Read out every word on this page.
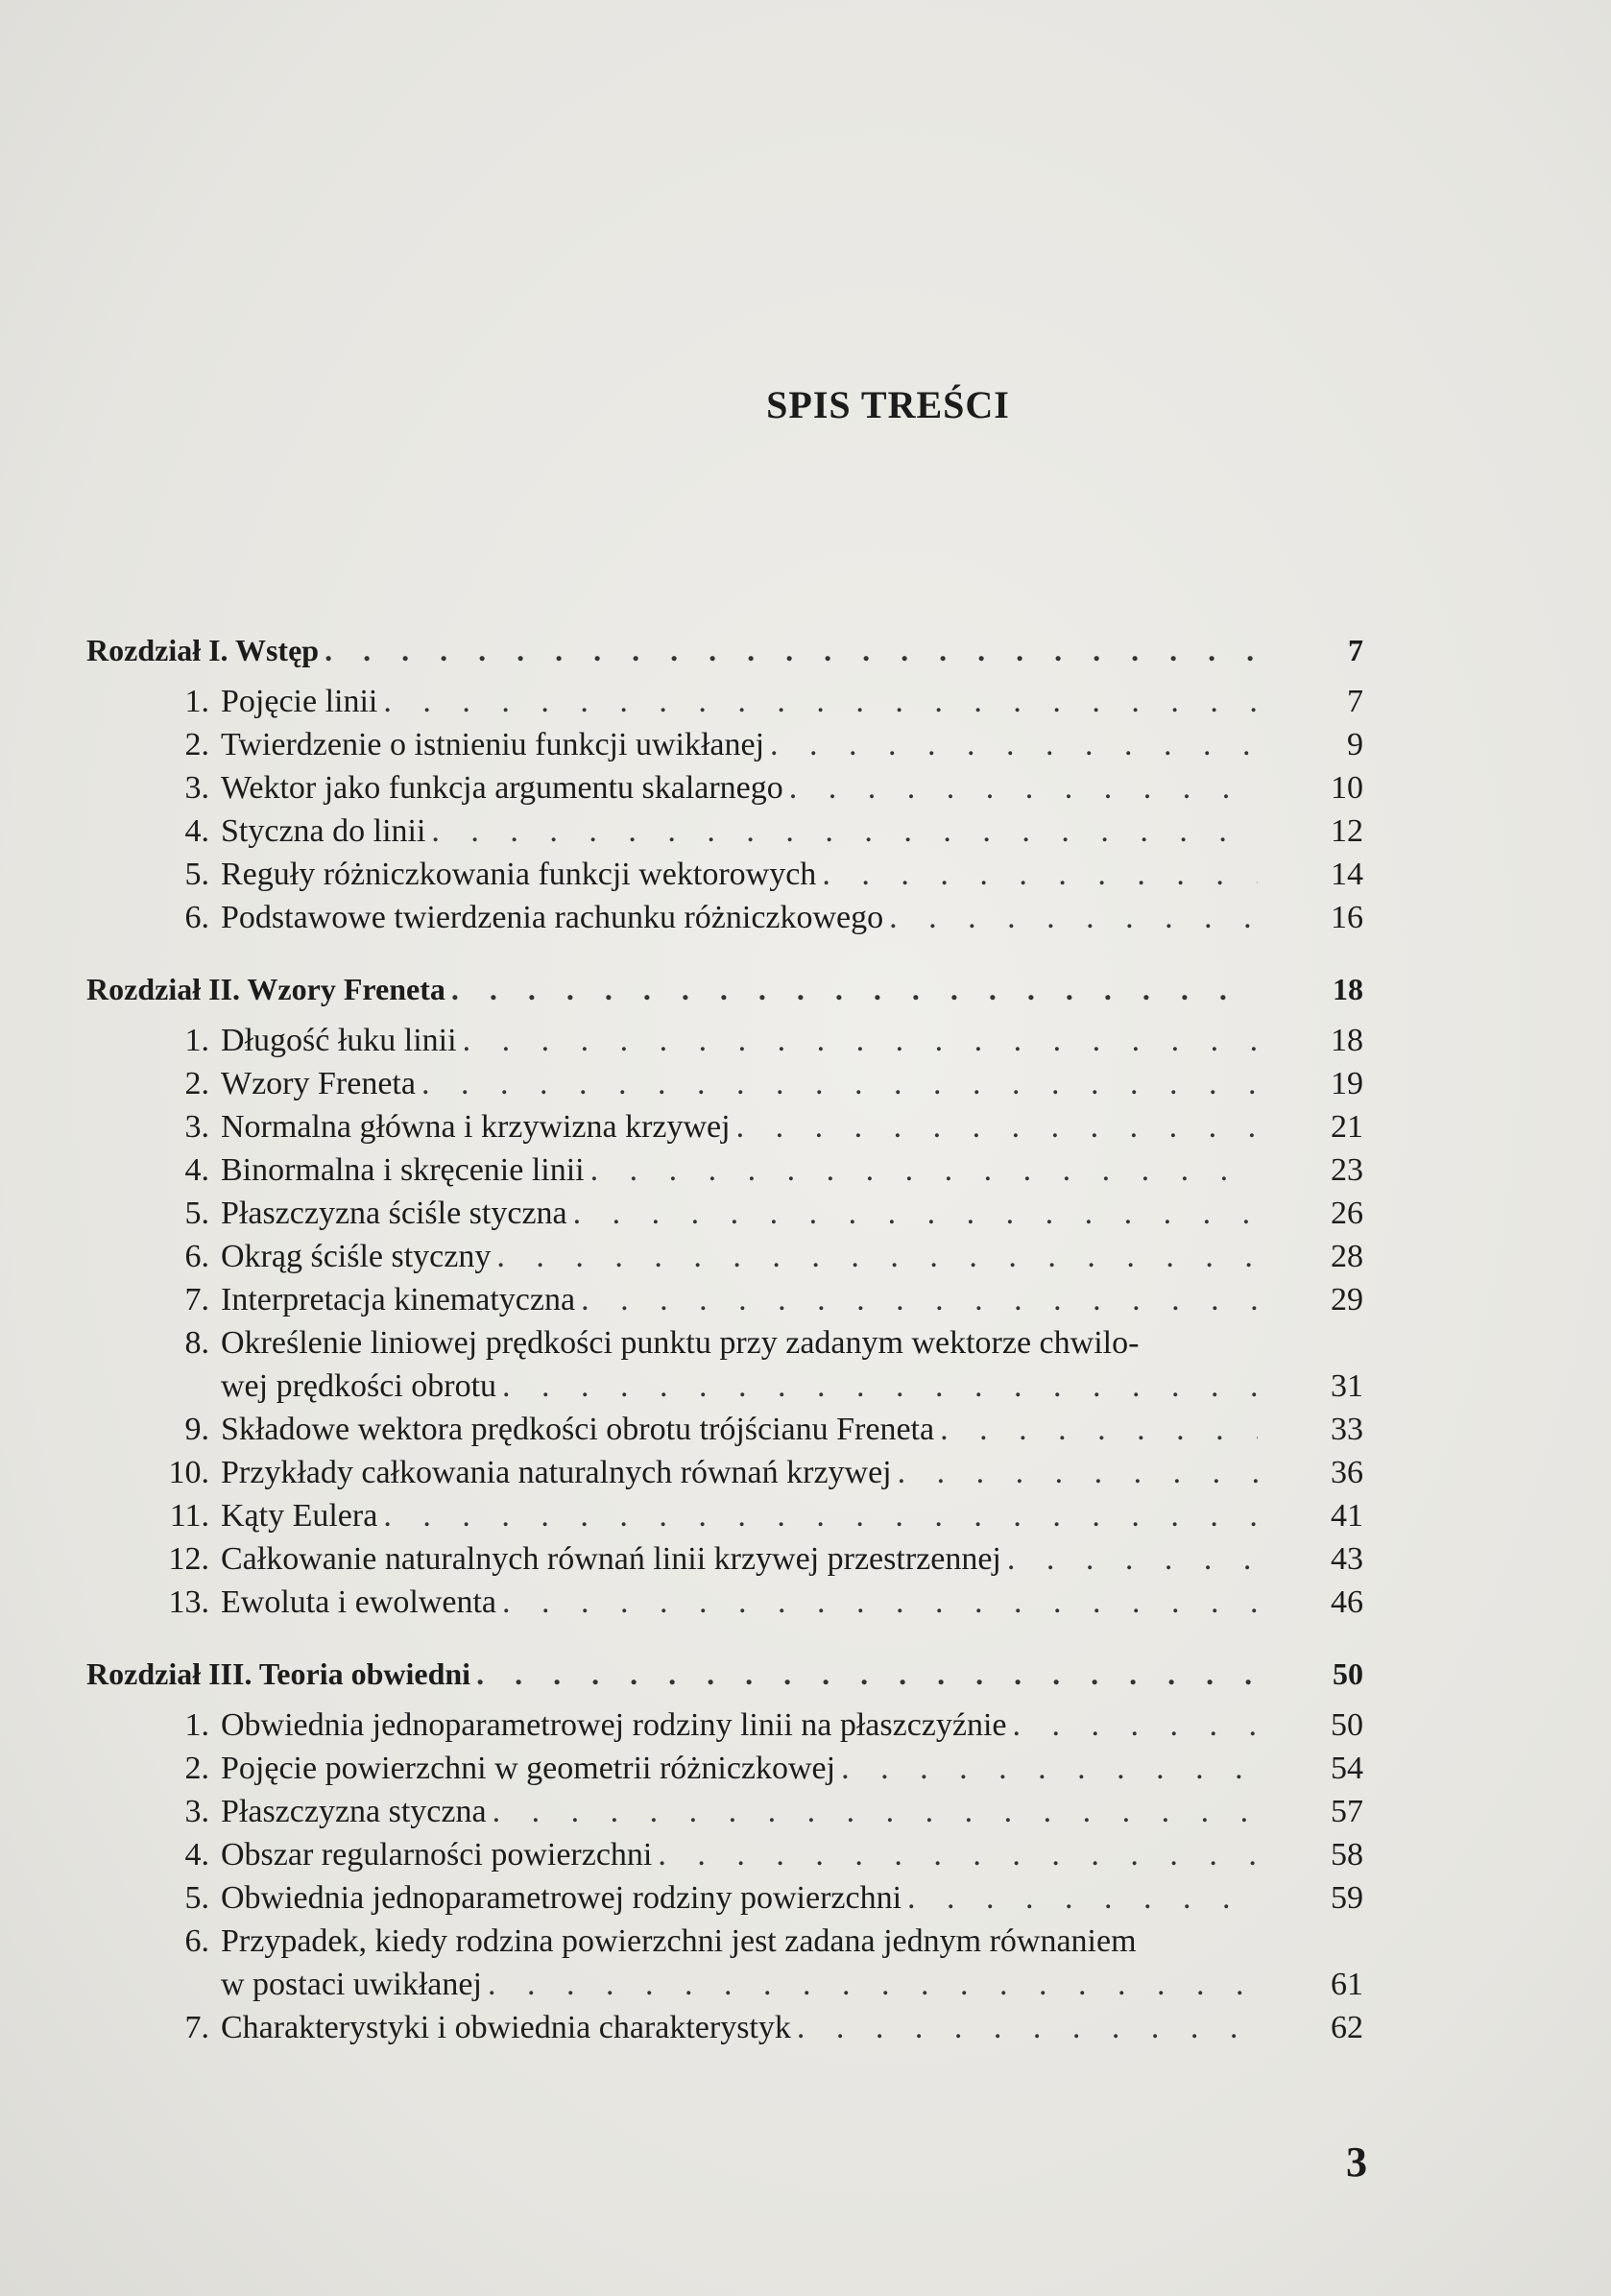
SPIS TREŚCI
Rozdział I. Wstęp . . .	7
1. Pojęcie linii . . .	7
2. Twierdzenie o istnieniu funkcji uwikłanej . . .	9
3. Wektor jako funkcja argumentu skalarnego . . .	10
4. Styczna do linii . . .	12
5. Reguły różniczkowania funkcji wektorowych . . .	14
6. Podstawowe twierdzenia rachunku różniczkowego . . .	16
Rozdział II. Wzory Freneta . . .	18
1. Długość łuku linii . . .	18
2. Wzory Freneta . . .	19
3. Normalna główna i krzywizna krzywej . . .	21
4. Binormalna i skręcenie linii . . .	23
5. Płaszczyzna ściśle styczna . . .	26
6. Okrąg ściśle styczny . . .	28
7. Interpretacja kinematyczna . . .	29
8. Określenie liniowej prędkości punktu przy zadanym wektorze chwilo-
wej prędkości obrotu . . .	31
9. Składowe wektora prędkości obrotu trójścianu Freneta . . .	33
10. Przykłady całkowania naturalnych równań krzywej . . .	36
11. Kąty Eulera . . .	41
12. Całkowanie naturalnych równań linii krzywej przestrzennej . . .	43
13. Ewoluta i ewolwenta . . .	46
Rozdział III. Teoria obwiedni . . .	50
1. Obwiednia jednoparametrowej rodziny linii na płaszczyźnie . . .	50
2. Pojęcie powierzchni w geometrii różniczkowej . . .	54
3. Płaszczyzna styczna . . .	57
4. Obszar regularności powierzchni . . .	58
5. Obwiednia jednoparametrowej rodziny powierzchni . . .	59
6. Przypadek, kiedy rodzina powierzchni jest zadana jednym równaniem
w postaci uwikłanej . . .	61
7. Charakterystyki i obwiednia charakterystyk . . .	62
3
